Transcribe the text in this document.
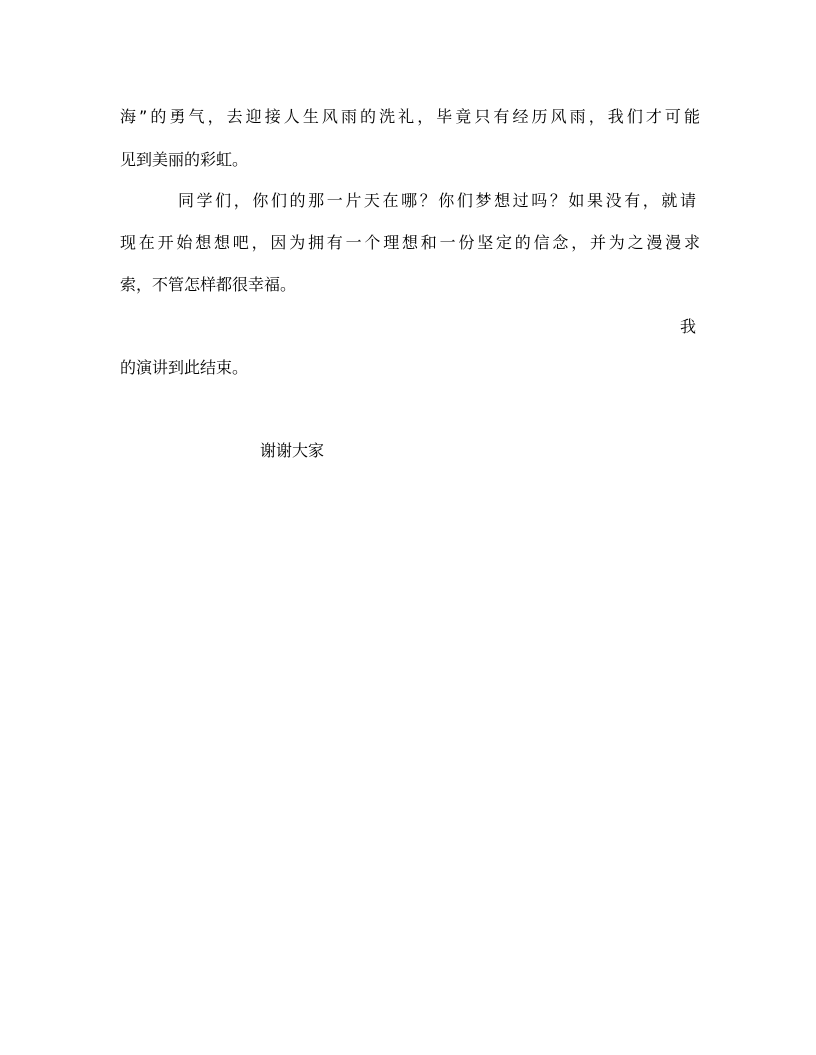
海”的勇气，去迎接人生风雨的洗礼，毕竟只有经历风雨，我们才可能
见到美丽的彩虹。
同学们，你们的那一片天在哪？你们梦想过吗？如果没有，就请
现在开始想想吧，因为拥有一个理想和一份坚定的信念，并为之漫漫求
索，不管怎样都很幸福。
我
的演讲到此结束。
谢谢大家
